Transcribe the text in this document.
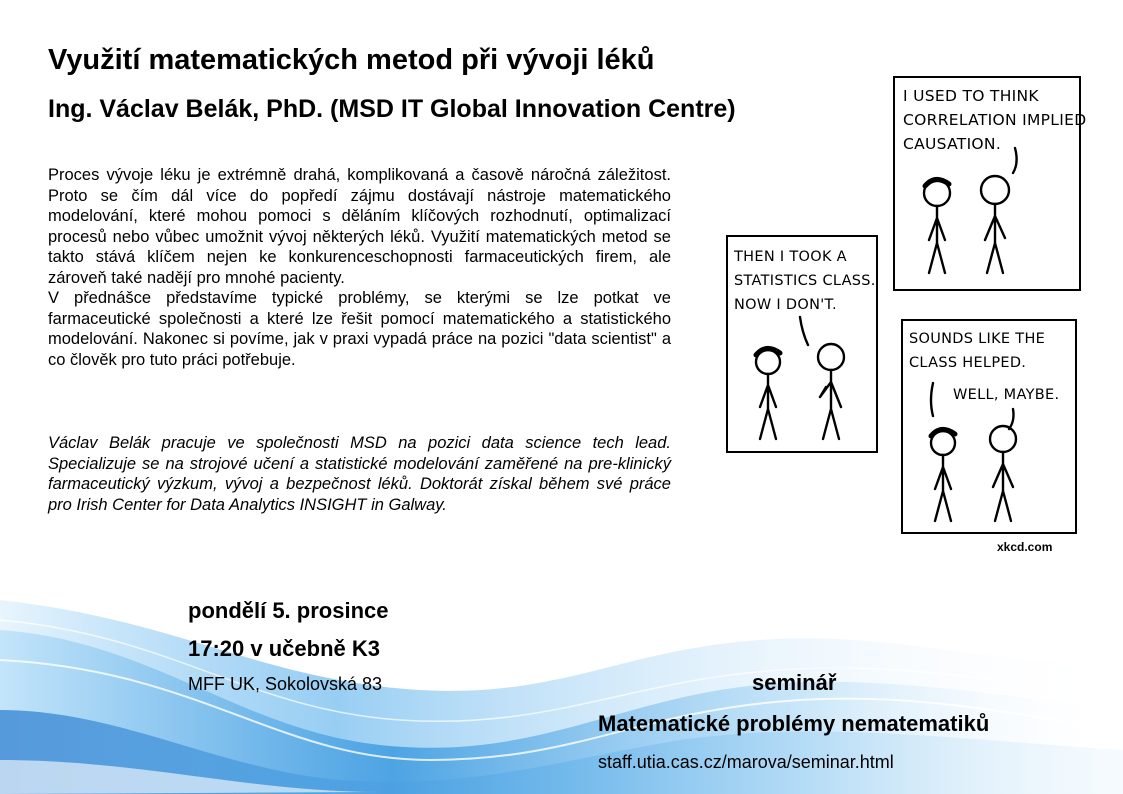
Využití matematických metod při vývoji léků
Ing. Václav Belák, PhD. (MSD IT Global Innovation Centre)

Proces vývoje léku je extrémně drahá, komplikovaná a časově náročná záležitost. Proto se čím dál více do popředí zájmu dostávají nástroje matematického modelování, které mohou pomoci s děláním klíčových rozhodnutí, optimalizací procesů nebo vůbec umožnit vývoj některých léků. Využití matematických metod se takto stává klíčem nejen ke konkurenceschopnosti farmaceutických firem, ale zároveň také nadějí pro mnohé pacienty.

V přednášce představíme typické problémy, se kterými se lze potkat ve farmaceutické společnosti a které lze řešit pomocí matematického a statistického modelování. Nakonec si povíme, jak v praxi vypadá práce na pozici "data scientist" a co člověk pro tuto práci potřebuje.

Václav Belák pracuje ve společnosti MSD na pozici data science tech lead. Specializuje se na strojové učení a statistické modelování zaměřené na pre-klinický farmaceutický výzkum, vývoj a bezpečnost léků. Doktorát získal během své práce pro Irish Center for Data Analytics INSIGHT in Galway.
I USED TO THINK
CORRELATION IMPLIED
CAUSATION.
THEN I TOOK A
STATISTICS CLASS.
NOW I DON'T.
SOUNDS LIKE THE
CLASS HELPED.
WELL, MAYBE.
xkcd.com
pondělí 5. prosince
17:20 v učebně K3
MFF UK, Sokolovská 83	seminář
Matematické problémy nematematiků
staff.utia.cas.cz/marova/seminar.html
